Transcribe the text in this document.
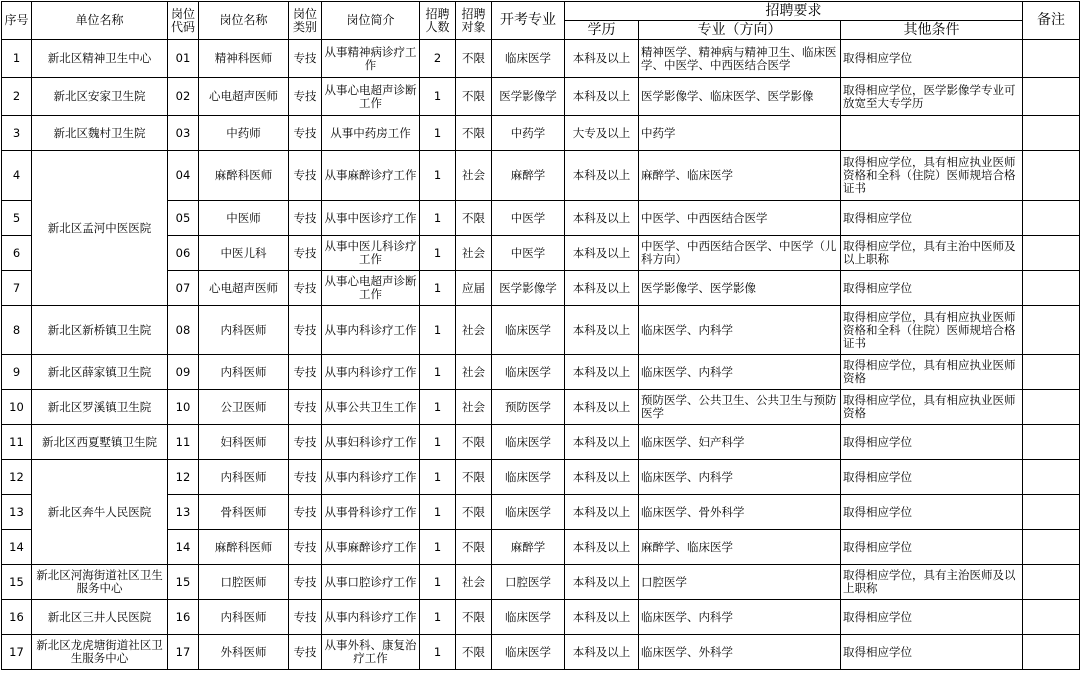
序号	单位名称	岗位代码	岗位名称	岗位类别	岗位简介	招聘人数	招聘对象	开考专业	招聘要求			备注
									学历	专业（方向）	其他条件	
1	新北区精神卫生中心	01	精神科医师	专技	从事精神病诊疗工作	2	不限	临床医学	本科及以上	精神医学、精神病与精神卫生、临床医学、中医学、中西医结合医学	取得相应学位	
2	新北区安家卫生院	02	心电超声医师	专技	从事心电超声诊断工作	1	不限	医学影像学	本科及以上	医学影像学、临床医学、医学影像	取得相应学位，医学影像学专业可放宽至大专学历	
3	新北区魏村卫生院	03	中药师	专技	从事中药房工作	1	不限	中药学	大专及以上	中药学		
4	新北区孟河中医医院	04	麻醉科医师	专技	从事麻醉诊疗工作	1	社会	麻醉学	本科及以上	麻醉学、临床医学	取得相应学位，具有相应执业医师资格和全科（住院）医师规培合格证书	
5		05	中医师	专技	从事中医诊疗工作	1	不限	中医学	本科及以上	中医学、中西医结合医学	取得相应学位	
6		06	中医儿科	专技	从事中医儿科诊疗工作	1	社会	中医学	本科及以上	中医学、中西医结合医学、中医学（儿科方向）	取得相应学位，具有主治中医师及以上职称	
7		07	心电超声医师	专技	从事心电超声诊断工作	1	应届	医学影像学	本科及以上	医学影像学、医学影像	取得相应学位	
8	新北区新桥镇卫生院	08	内科医师	专技	从事内科诊疗工作	1	社会	临床医学	本科及以上	临床医学、内科学	取得相应学位，具有相应执业医师资格和全科（住院）医师规培合格证书	
9	新北区薛家镇卫生院	09	内科医师	专技	从事内科诊疗工作	1	社会	临床医学	本科及以上	临床医学、内科学	取得相应学位，具有相应执业医师资格	
10	新北区罗溪镇卫生院	10	公卫医师	专技	从事公共卫生工作	1	社会	预防医学	本科及以上	预防医学、公共卫生、公共卫生与预防医学	取得相应学位，具有相应执业医师资格	
11	新北区西夏墅镇卫生院	11	妇科医师	专技	从事妇科诊疗工作	1	不限	临床医学	本科及以上	临床医学、妇产科学	取得相应学位	
12	新北区奔牛人民医院	12	内科医师	专技	从事内科诊疗工作	1	不限	临床医学	本科及以上	临床医学、内科学	取得相应学位	
13		13	骨科医师	专技	从事骨科诊疗工作	1	不限	临床医学	本科及以上	临床医学、骨外科学	取得相应学位	
14		14	麻醉科医师	专技	从事麻醉诊疗工作	1	不限	麻醉学	本科及以上	麻醉学、临床医学	取得相应学位	
15	新北区河海街道社区卫生服务中心	15	口腔医师	专技	从事口腔诊疗工作	1	社会	口腔医学	本科及以上	口腔医学	取得相应学位，具有主治医师及以上职称	
16	新北区三井人民医院	16	内科医师	专技	从事内科诊疗工作	1	不限	临床医学	本科及以上	临床医学、内科学	取得相应学位	
17	新北区龙虎塘街道社区卫生服务中心	17	外科医师	专技	从事外科、康复治疗工作	1	不限	临床医学	本科及以上	临床医学、外科学	取得相应学位	
